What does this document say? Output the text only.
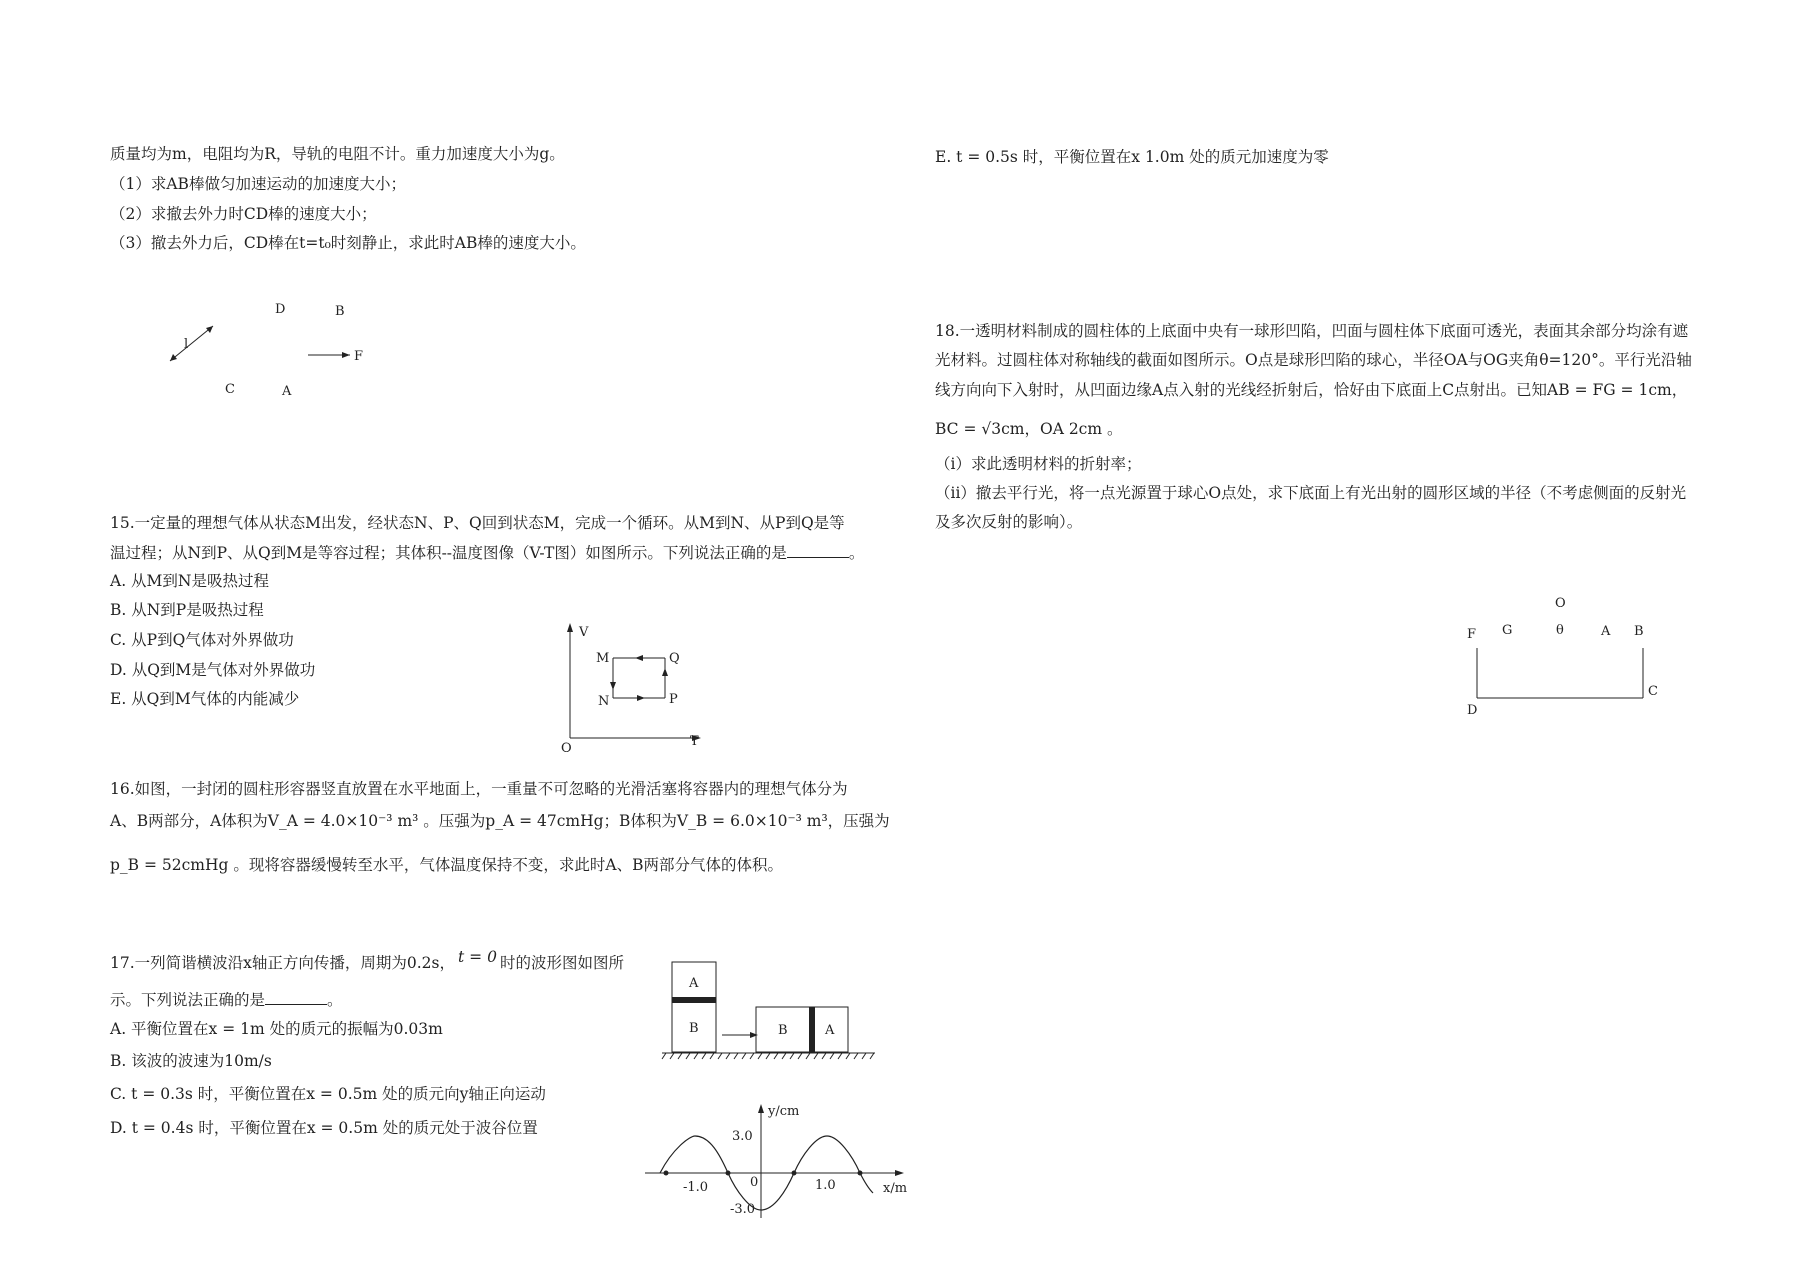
质量均为m，电阻均为R，导轨的电阻不计。重力加速度大小为g。
（1）求AB棒做匀加速运动的加速度大小；
（2）求撤去外力时CD棒的速度大小；
（3）撤去外力后，CD棒在t=t₀时刻静止，求此时AB棒的速度大小。
l
D	B
F
C	A
15.一定量的理想气体从状态M出发，经状态N、P、Q回到状态M，完成一个循环。从M到N、从P到Q是等
温过程；从N到P、从Q到M是等容过程；其体积--温度图像（V-T图）如图所示。下列说法正确的是	。
A. 从M到N是吸热过程
B. 从N到P是吸热过程
C. 从P到Q气体对外界做功
D. 从Q到M是气体对外界做功
E. 从Q到M气体的内能减少
V
T
O
M	Q
N	P
16.如图，一封闭的圆柱形容器竖直放置在水平地面上，一重量不可忽略的光滑活塞将容器内的理想气体分为
A、B两部分，A体积为V_A = 4.0×10⁻³ m³ 。压强为p_A = 47cmHg；B体积为V_B = 6.0×10⁻³ m³，压强为
p_B = 52cmHg 。现将容器缓慢转至水平，气体温度保持不变，求此时A、B两部分气体的体积。
17.一列简谐横波沿x轴正方向传播，周期为0.2s， t = 0 时的波形图如图所
示。下列说法正确的是	。
A. 平衡位置在x = 1m 处的质元的振幅为0.03m
B. 该波的波速为10m/s
C. t = 0.3s 时，平衡位置在x = 0.5m 处的质元向y轴正向运动
D. t = 0.4s 时，平衡位置在x = 0.5m 处的质元处于波谷位置
A
B	B	A
y/cm
x/m
3.0
-3.0
-1.0	1.0
0
E. t = 0.5s 时，平衡位置在x 1.0m 处的质元加速度为零
18.一透明材料制成的圆柱体的上底面中央有一球形凹陷，凹面与圆柱体下底面可透光，表面其余部分均涂有遮
光材料。过圆柱体对称轴线的截面如图所示。O点是球形凹陷的球心，半径OA与OG夹角θ=120°。平行光沿轴
线方向向下入射时，从凹面边缘A点入射的光线经折射后，恰好由下底面上C点射出。已知AB = FG = 1cm，
BC = √3cm，OA 2cm 。
（i）求此透明材料的折射率；
（ii）撤去平行光，将一点光源置于球心O点处，求下底面上有光出射的圆形区域的半径（不考虑侧面的反射光
及多次反射的影响）。
O
F G	θ	A B
D
C
